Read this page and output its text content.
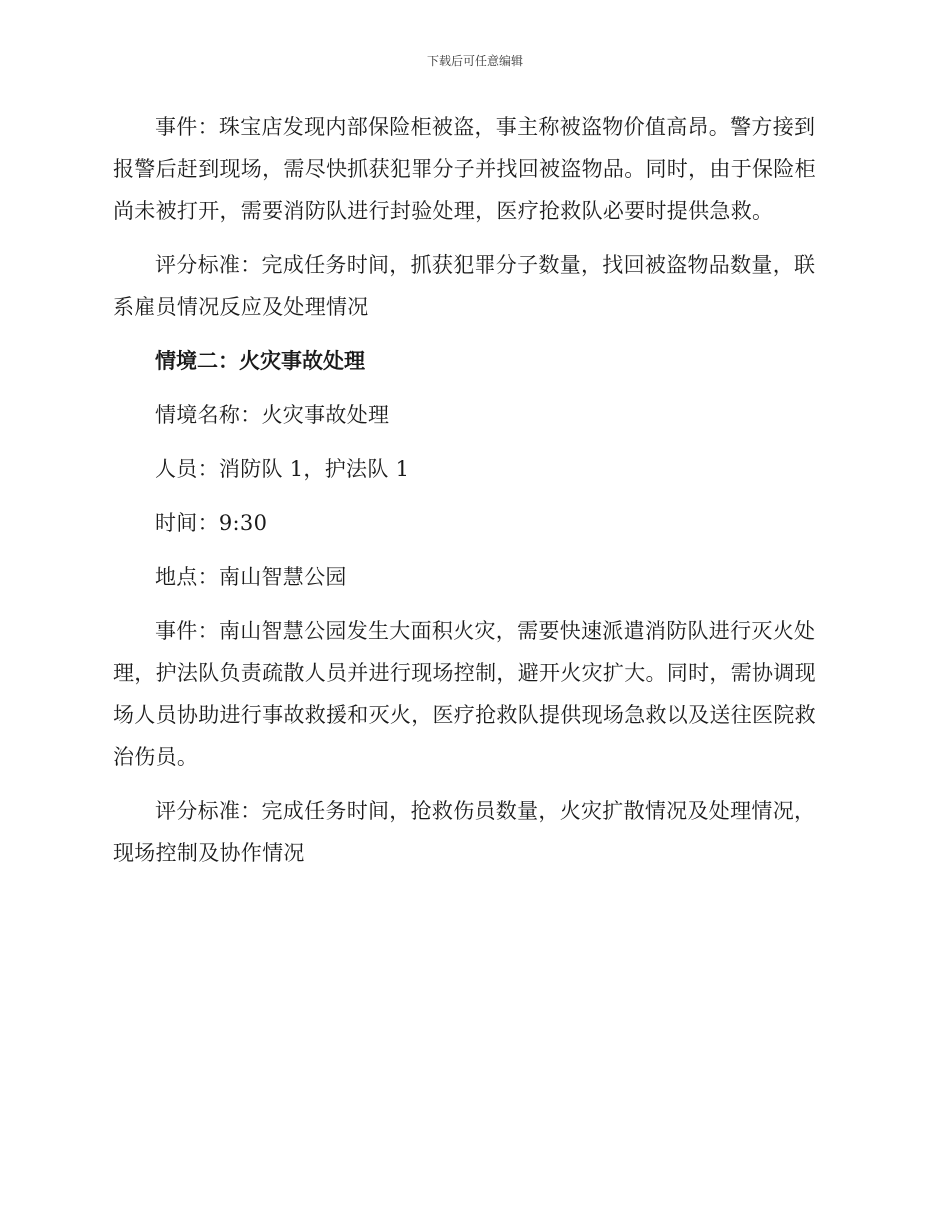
下载后可任意编辑

事件：珠宝店发现内部保险柜被盗，事主称被盗物价值高昂。警方接到报警后赶到现场，需尽快抓获犯罪分子并找回被盗物品。同时，由于保险柜尚未被打开，需要消防队进行封验处理，医疗抢救队必要时提供急救。

评分标准：完成任务时间，抓获犯罪分子数量，找回被盗物品数量，联系雇员情况反应及处理情况

情境二：火灾事故处理

情境名称：火灾事故处理

人员：消防队 1，护法队 1

时间：9:30

地点：南山智慧公园

事件：南山智慧公园发生大面积火灾，需要快速派遣消防队进行灭火处理，护法队负责疏散人员并进行现场控制，避开火灾扩大。同时，需协调现场人员协助进行事故救援和灭火，医疗抢救队提供现场急救以及送往医院救治伤员。

评分标准：完成任务时间，抢救伤员数量，火灾扩散情况及处理情况，现场控制及协作情况
